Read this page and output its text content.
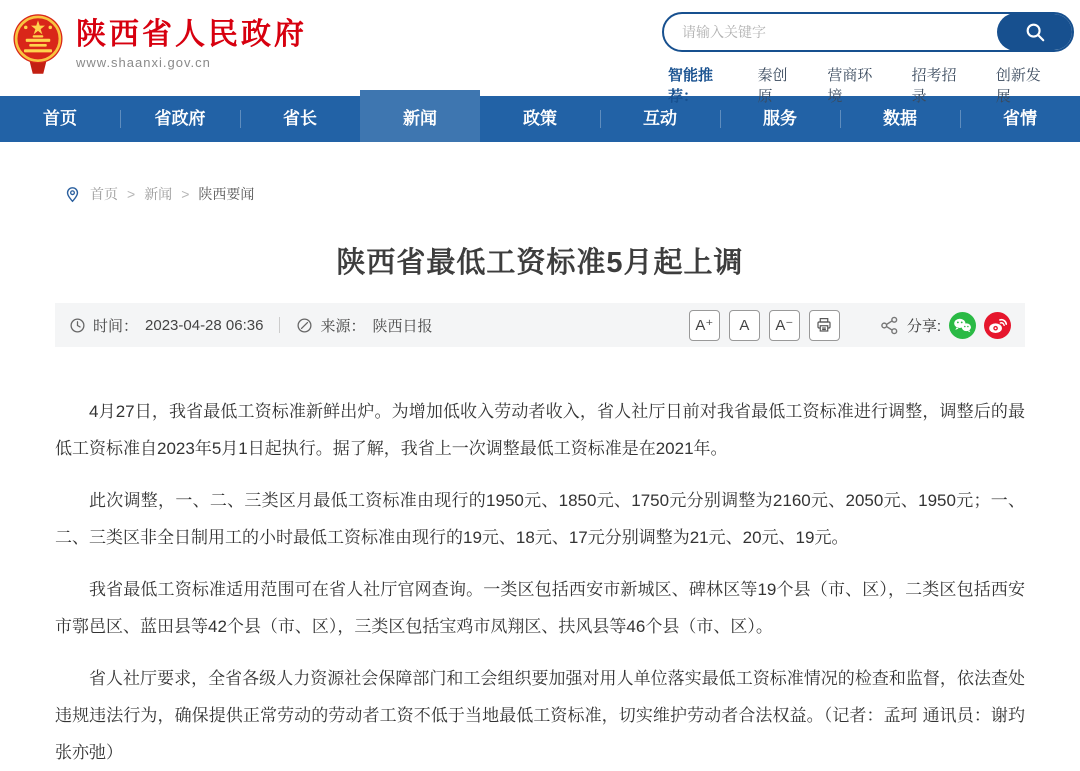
陕西省人民政府
www.shaanxi.gov.cn
请输入关键字
智能推荐：
秦创原
营商环境
招考招录
创新发展
首页	省政府	省长	新闻	政策	互动	服务	数据	省情
首页 > 新闻 > 陕西要闻
陕西省最低工资标准5月起上调
时间： 2023-04-28 06:36	来源： 陕西日报	A⁺	A	A⁻	分享:

4月27日，我省最低工资标准新鲜出炉。为增加低收入劳动者收入，省人社厅日前对我省最低工资标准进行调整，调整后的最低工资标准自2023年5月1日起执行。据了解，我省上一次调整最低工资标准是在2021年。

此次调整，一、二、三类区月最低工资标准由现行的1950元、1850元、1750元分别调整为2160元、2050元、1950元；一、二、三类区非全日制用工的小时最低工资标准由现行的19元、18元、17元分别调整为21元、20元、19元。

我省最低工资标准适用范围可在省人社厅官网查询。一类区包括西安市新城区、碑林区等19个县（市、区），二类区包括西安市鄠邑区、蓝田县等42个县（市、区），三类区包括宝鸡市凤翔区、扶风县等46个县（市、区）。

省人社厅要求，全省各级人力资源社会保障部门和工会组织要加强对用人单位落实最低工资标准情况的检查和监督，依法查处违规违法行为，确保提供正常劳动的劳动者工资不低于当地最低工资标准，切实维护劳动者合法权益。（记者：孟珂 通讯员：谢玓 张亦弛）
